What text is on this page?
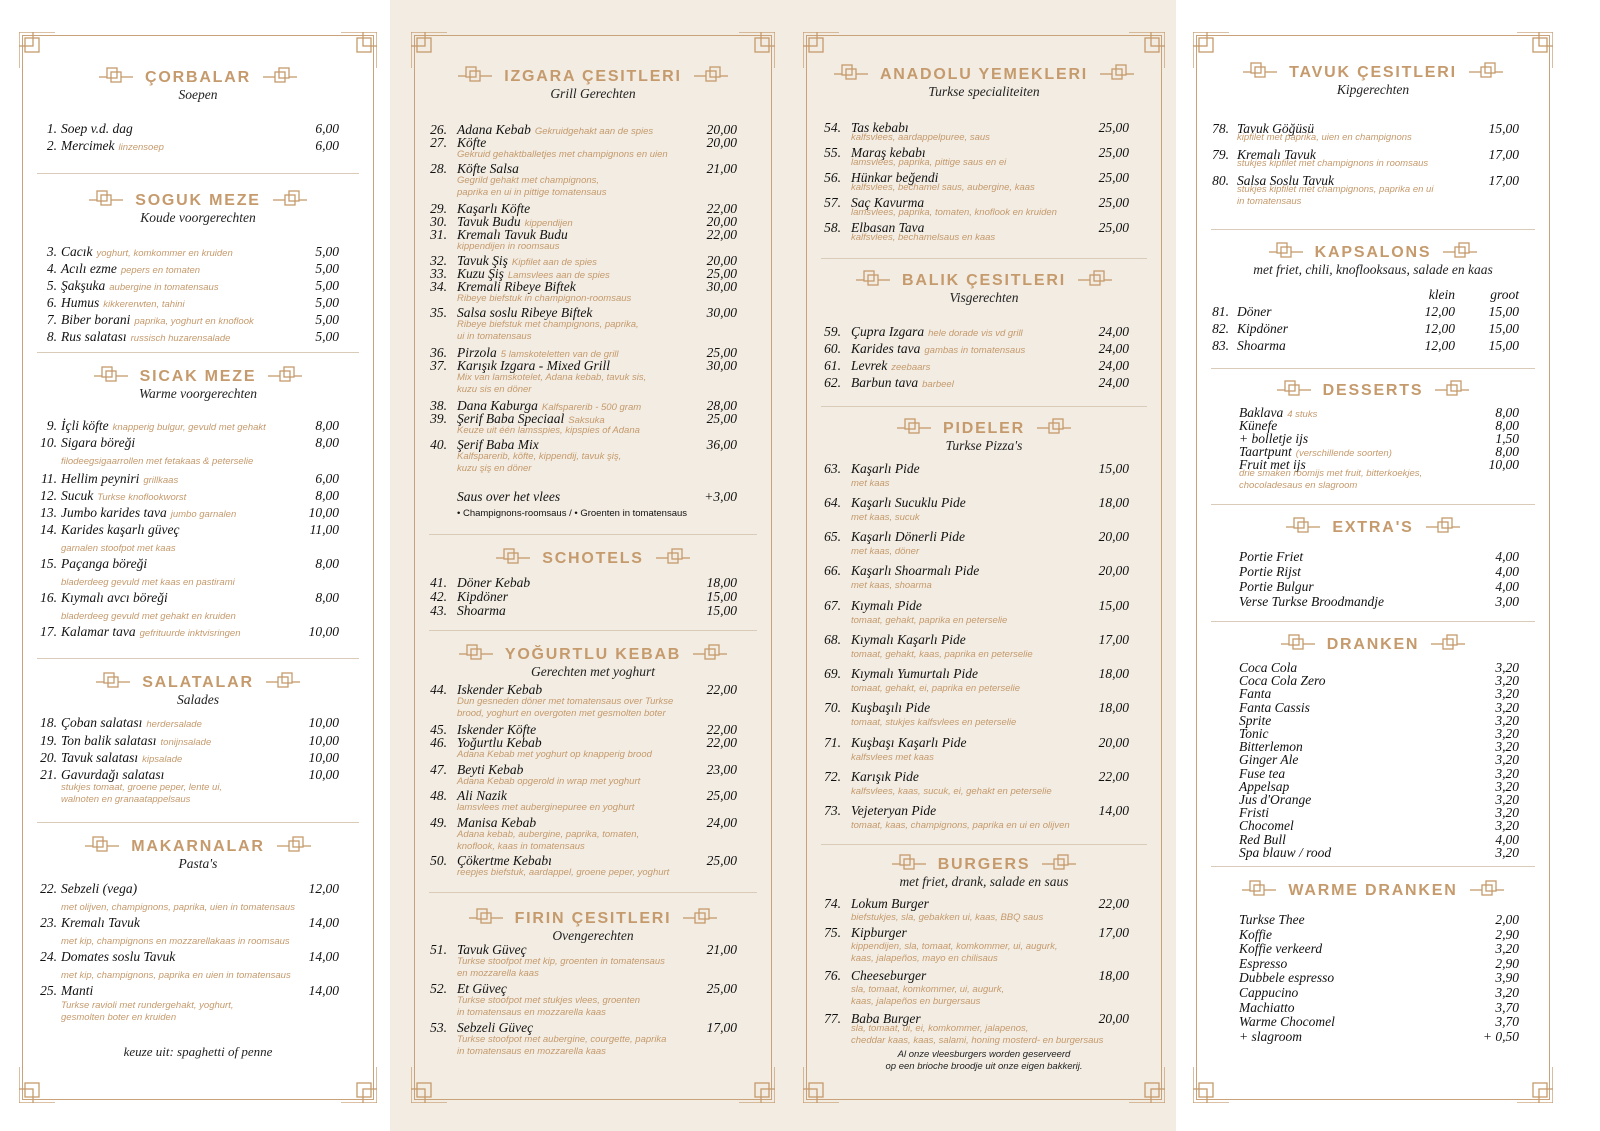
ÇORBALAR
Soepen
1. Soep v.d. dag	6,00
2. Mercimek linzensoep	6,00
SOGUK MEZE
Koude voorgerechten
3. Cacık yoghurt, komkommer en kruiden	5,00
4. Acılı ezme pepers en tomaten	5,00
5. Şakşuka aubergine in tomatensaus	5,00
6. Humus kikkererwten, tahini	5,00
7. Biber borani paprika, yoghurt en knoflook	5,00
8. Rus salatası russisch huzarensalade	5,00
SICAK MEZE
Warme voorgerechten
9. İçli köfte knapperig bulgur, gevuld met gehakt	8,00
10. Sigara böreği	8,00
filodeegsigaarrollen met fetakaas & peterselie
11. Hellim peyniri grillkaas	6,00
12. Sucuk Turkse knoflookworst	8,00
13. Jumbo karides tava jumbo garnalen	10,00
14. Karides kaşarlı güveç	11,00
garnalen stoofpot met kaas
15. Paçanga böreği	8,00
bladerdeeg gevuld met kaas en pastirami
16. Kıymalı avcı böreği	8,00
bladerdeeg gevuld met gehakt en kruiden
17. Kalamar tava gefrituurde inktvisringen	10,00
SALATALAR
Salades
18. Çoban salatası herdersalade	10,00
19. Ton balik salatası tonijnsalade	10,00
20. Tavuk salatası kipsalade	10,00
21. Gavurdağı salatası	10,00
stukjes tomaat, groene peper, lente ui,
walnoten en granaatappelsaus
MAKARNALAR
Pasta's
22. Sebzeli (vega)	12,00
met olijven, champignons, paprika, uien in tomatensaus
23. Kremalı Tavuk	14,00
met kip, champignons en mozzarellakaas in roomsaus
24. Domates soslu Tavuk	14,00
met kip, champignons, paprika en uien in tomatensaus
25. Manti	14,00
Turkse ravioli met rundergehakt, yoghurt,
gesmolten boter en kruiden
keuze uit: spaghetti of penne
IZGARA ÇESITLERI
Grill Gerechten
26. Adana Kebab Gekruidgehakt aan de spies	20,00
27. Köfte	20,00
Gekruid gehaktballetjes met champignons en uien
28. Köfte Salsa	21,00
Gegrild gehakt met champignons,
paprika en ui in pittige tomatensaus
29. Kaşarlı Köfte	22,00
30. Tavuk Budu kippendijen	20,00
31. Kremalı Tavuk Budu	22,00
kippendijen in roomsaus
32. Tavuk Şiş Kipfilet aan de spies	20,00
33. Kuzu Şiş Lamsvlees aan de spies	25,00
34. Kremali Ribeye Biftek	30,00
Ribeye biefstuk in champignon-roomsaus
35. Salsa soslu Ribeye Biftek	30,00
Ribeye biefstuk met champignons, paprika,
ui in tomatensaus
36. Pirzola 5 lamskoteletten van de grill	25,00
37. Karışık Izgara - Mixed Grill	30,00
Mix van lamskotelet, Adana kebab, tavuk sis,
kuzu sis en döner
38. Dana Kaburga Kalfsparerib - 500 gram	28,00
39. Şerif Baba Speciaal Saksuka	25,00
Keuze uit één lamsspies, kipspies of Adana
40. Şerif Baba Mix	36,00
Kalfsparerib, köfte, kippendij, tavuk şiş,
kuzu şiş en döner
Saus over het vlees	+3,00
• Champignons-roomsaus / • Groenten in tomatensaus
SCHOTELS
41. Döner Kebab	18,00
42. Kipdöner	15,00
43. Shoarma	15,00
YOĞURTLU KEBAB
Gerechten met yoghurt
44. Iskender Kebab	22,00
Dun gesneden döner met tomatensaus over Turkse
brood, yoghurt en overgoten met gesmolten boter
45. Iskender Köfte	22,00
46. Yoğurtlu Kebab	22,00
Adana Kebab met yoghurt op knapperig brood
47. Beyti Kebab	23,00
Adana Kebab opgerold in wrap met yoghurt
48. Ali Nazik	25,00
lamsvlees met auberginepuree en yoghurt
49. Manisa Kebab	24,00
Adana kebab, aubergine, paprika, tomaten,
knoflook, kaas in tomatensaus
50. Çökertme Kebabı	25,00
reepjes biefstuk, aardappel, groene peper, yoghurt
FIRIN ÇESITLERI
Ovengerechten
51. Tavuk Güveç	21,00
Turkse stoofpot met kip, groenten in tomatensaus
en mozzarella kaas
52. Et Güveç	25,00
Turkse stoofpot met stukjes vlees, groenten
in tomatensaus en mozzarella kaas
53. Sebzeli Güveç	17,00
Turkse stoofpot met aubergine, courgette, paprika
in tomatensaus en mozzarella kaas
ANADOLU YEMEKLERI
Turkse specialiteiten
54. Tas kebabı	25,00
kalfsvlees, aardappelpuree, saus
55. Maraş kebabı	25,00
lamsvlees, paprika, pittige saus en ei
56. Hünkar beğendi	25,00
kalfsvlees, bechamel saus, aubergine, kaas
57. Saç Kavurma	25,00
lamsvlees, paprika, tomaten, knoflook en kruiden
58. Elbasan Tava	25,00
kalfsvlees, bechamelsaus en kaas
BALIK ÇESITLERI
Visgerechten
59. Çupra Izgara hele dorade vis vd grill	24,00
60. Karides tava gambas in tomatensaus	24,00
61. Levrek zeebaars	24,00
62. Barbun tava barbeel	24,00
PIDELER
Turkse Pizza's
63. Kaşarlı Pide	15,00
met kaas
64. Kaşarlı Sucuklu Pide	18,00
met kaas, sucuk
65. Kaşarlı Dönerli Pide	20,00
met kaas, döner
66. Kaşarlı Shoarmalı Pide	20,00
met kaas, shoarma
67. Kıymalı Pide	15,00
tomaat, gehakt, paprika en peterselie
68. Kıymalı Kaşarlı Pide	17,00
tomaat, gehakt, kaas, paprika en peterselie
69. Kıymalı Yumurtalı Pide	18,00
tomaat, gehakt, ei, paprika en peterselie
70. Kuşbaşılı Pide	18,00
tomaat, stukjes kalfsvlees en peterselie
71. Kuşbaşı Kaşarlı Pide	20,00
kalfsvlees met kaas
72. Karışık Pide	22,00
kalfsvlees, kaas, sucuk, ei, gehakt en peterselie
73. Vejeteryan Pide	14,00
tomaat, kaas, champignons, paprika en ui en olijven
BURGERS
met friet, drank, salade en saus
74. Lokum Burger	22,00
biefstukjes, sla, gebakken ui, kaas, BBQ saus
75. Kipburger	17,00
kippendijen, sla, tomaat, komkommer, ui, augurk,
kaas, jalapeños, mayo en chilisaus
76. Cheeseburger	18,00
sla, tomaat, komkommer, ui, augurk,
kaas, jalapeños en burgersaus
77. Baba Burger	20,00
sla, tomaat, ui, ei, komkommer, jalapenos,
cheddar kaas, kaas, salami, honing mosterd- en burgersaus
Al onze vleesburgers worden geserveerd
op een brioche broodje uit onze eigen bakkerij.
TAVUK ÇESITLERI
Kipgerechten
78. Tavuk Göğüsü	15,00
kipfilet met paprika, uien en champignons
79. Kremalı Tavuk	17,00
stukjes kipfilet met champignons in roomsaus
80. Salsa Soslu Tavuk	17,00
stukjes kipfilet met champignons, paprika en ui
in tomatensaus
KAPSALONS
met friet, chili, knoflooksaus, salade en kaas
klein	groot
81. Döner	12,00	15,00
82. Kipdöner	12,00	15,00
83. Shoarma	12,00	15,00
DESSERTS
Baklava 4 stuks	8,00
Künefe	8,00
+ bolletje ijs	1,50
Taartpunt (verschillende soorten)	8,00
Fruit met ijs	10,00
drie smaken roomijs met fruit, bitterkoekjes,
chocoladesaus en slagroom
EXTRA'S
Portie Friet	4,00
Portie Rijst	4,00
Portie Bulgur	4,00
Verse Turkse Broodmandje	3,00
DRANKEN
Coca Cola	3,20
Coca Cola Zero	3,20
Fanta	3,20
Fanta Cassis	3,20
Sprite	3,20
Tonic	3,20
Bitterlemon	3,20
Ginger Ale	3,20
Fuse tea	3,20
Appelsap	3,20
Jus d'Orange	3,20
Fristi	3,20
Chocomel	3,20
Red Bull	4,00
Spa blauw / rood	3,20
WARME DRANKEN
Turkse Thee	2,00
Koffie	2,90
Koffie verkeerd	3,20
Espresso	2,90
Dubbele espresso	3,90
Cappucino	3,20
Machiatto	3,70
Warme Chocomel	3,70
+ slagroom	+ 0,50
